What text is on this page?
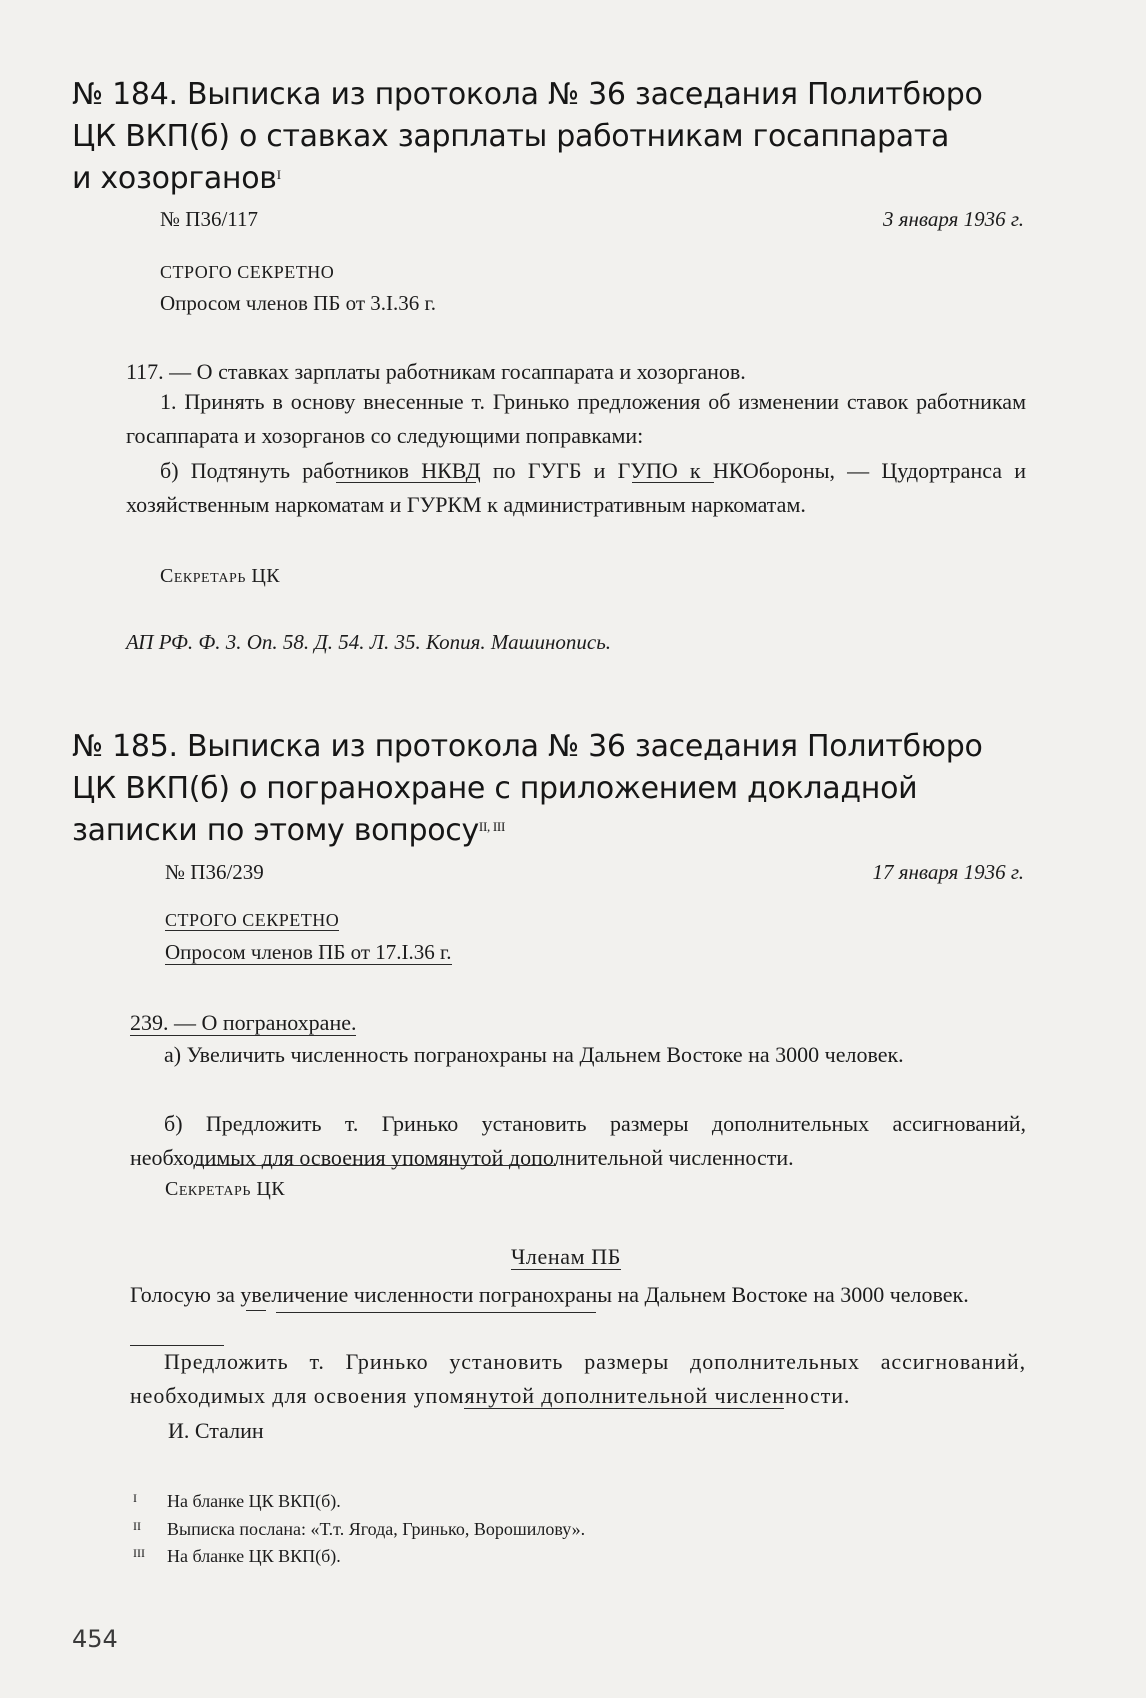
№ 184. Выписка из протокола № 36 заседания Политбюро
ЦК ВКП(б) о ставках зарплаты работникам госаппарата
и хозорганов$^I$
№ П36/117	3 января 1936 г.
СТРОГО СЕКРЕТНО
Опросом членов ПБ от 3.I.36 г.
117. — О ставках зарплаты работникам госаппарата и хозорганов.
1. Принять в основу внесенные т. Гринько предложения об изменении ставок работникам госаппарата и хозорганов со следующими поправками:
б) Подтянуть работников НКВД по ГУГБ и ГУПО к НКОбороны, — Цудортранса и хозяйственным наркоматам и ГУРКМ к административным наркоматам.
Секретарь ЦК
АП РФ. Ф. 3. Оп. 58. Д. 54. Л. 35. Копия. Машинопись.
№ 185. Выписка из протокола № 36 заседания Политбюро
ЦК ВКП(б) о погранохране с приложением докладной
записки по этому вопросу$^{II, III}$
№ П36/239	17 января 1936 г.
СТРОГО СЕКРЕТНО
Опросом членов ПБ от 17.I.36 г.
239. — О погранохране.
а) Увеличить численность погранохраны на Дальнем Востоке на 3000 человек.
б) Предложить т. Гринько установить размеры дополнительных ассигнований, необходимых для освоения упомянутой дополнительной численности.
Секретарь ЦК
Членам ПБ
Голосую за увеличение численности погранохраны на Дальнем Востоке на 3000 человек.
Предложить т. Гринько установить размеры дополнительных ассигнований, необходимых для освоения упомянутой дополнительной численности.
И. Сталин
I На бланке ЦК ВКП(б).
II Выписка послана: «Т.т. Ягода, Гринько, Ворошилову».
III На бланке ЦК ВКП(б).
454
